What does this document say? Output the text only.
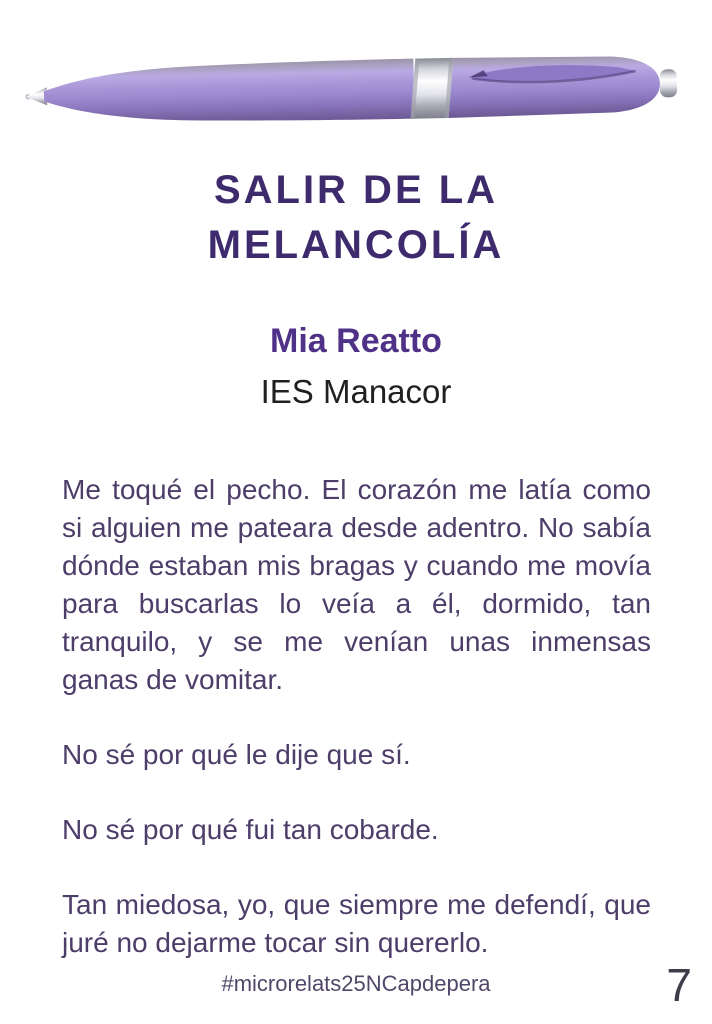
SALIR DE LA
MELANCOLÍA
Mia Reatto
IES Manacor

Me toqué el pecho. El corazón me latía como si alguien me pateara desde adentro. No sabía dónde estaban mis bragas y cuando me movía para buscarlas lo veía a él, dormido, tan tranquilo, y se me venían unas inmensas ganas de vomitar.

No sé por qué le dije que sí.

No sé por qué fui tan cobarde.

Tan miedosa, yo, que siempre me defendí, que juré no dejarme tocar sin quererlo.

#microrelats25NCapdepera	7
